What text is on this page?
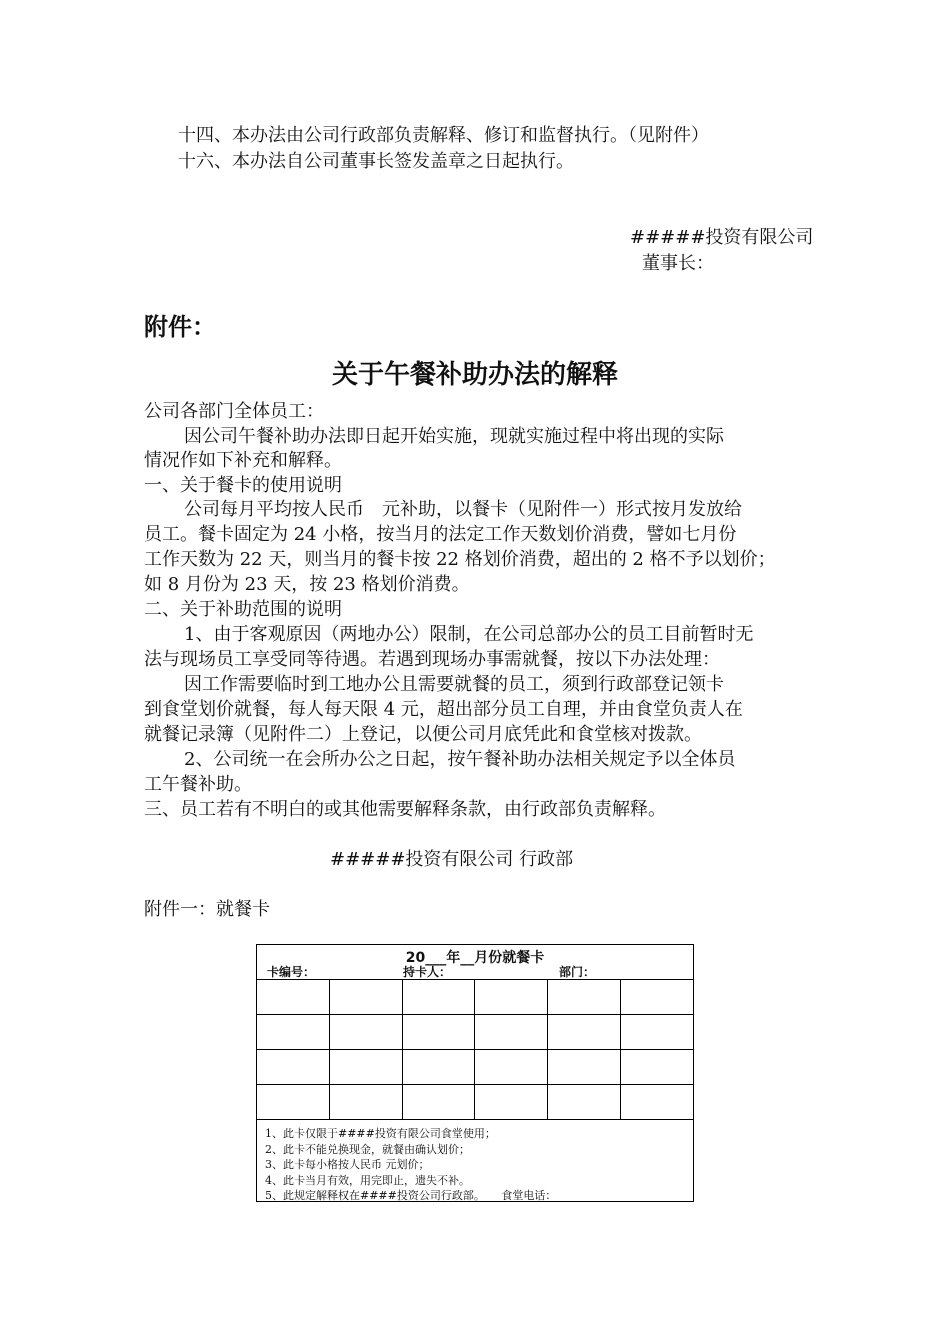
十四、本办法由公司行政部负责解释、修订和监督执行。（见附件）
十六、本办法自公司董事长签发盖章之日起执行。
#####投资有限公司
董事长：
附件：
关于午餐补助办法的解释
公司各部门全体员工：
因公司午餐补助办法即日起开始实施，现就实施过程中将出现的实际
情况作如下补充和解释。
一、关于餐卡的使用说明
公司每月平均按人民币　元补助，以餐卡（见附件一）形式按月发放给
员工。餐卡固定为 24 小格，按当月的法定工作天数划价消费，譬如七月份
工作天数为 22 天，则当月的餐卡按 22 格划价消费，超出的 2 格不予以划价；
如 8 月份为 23 天，按 23 格划价消费。
二、关于补助范围的说明
1、由于客观原因（两地办公）限制，在公司总部办公的员工目前暂时无
法与现场员工享受同等待遇。若遇到现场办事需就餐，按以下办法处理：
因工作需要临时到工地办公且需要就餐的员工，须到行政部登记领卡
到食堂划价就餐，每人每天限 4 元，超出部分员工自理，并由食堂负责人在
就餐记录簿（见附件二）上登记，以便公司月底凭此和食堂核对拨款。
2、公司统一在会所办公之日起，按午餐补助办法相关规定予以全体员
工午餐补助。
三、员工若有不明白的或其他需要解释条款，由行政部负责解释。
#####投资有限公司 行政部
附件一：就餐卡
20___年__月份就餐卡
卡编号：	持卡人：	部门：

1、此卡仅限于####投资有限公司食堂使用；
2、此卡不能兑换现金，就餐由确认划价；
3、此卡每小格按人民币 元划价；
4、此卡当月有效，用完即止，遗失不补。
5、此规定解释权在####投资公司行政部。　　食堂电话：
